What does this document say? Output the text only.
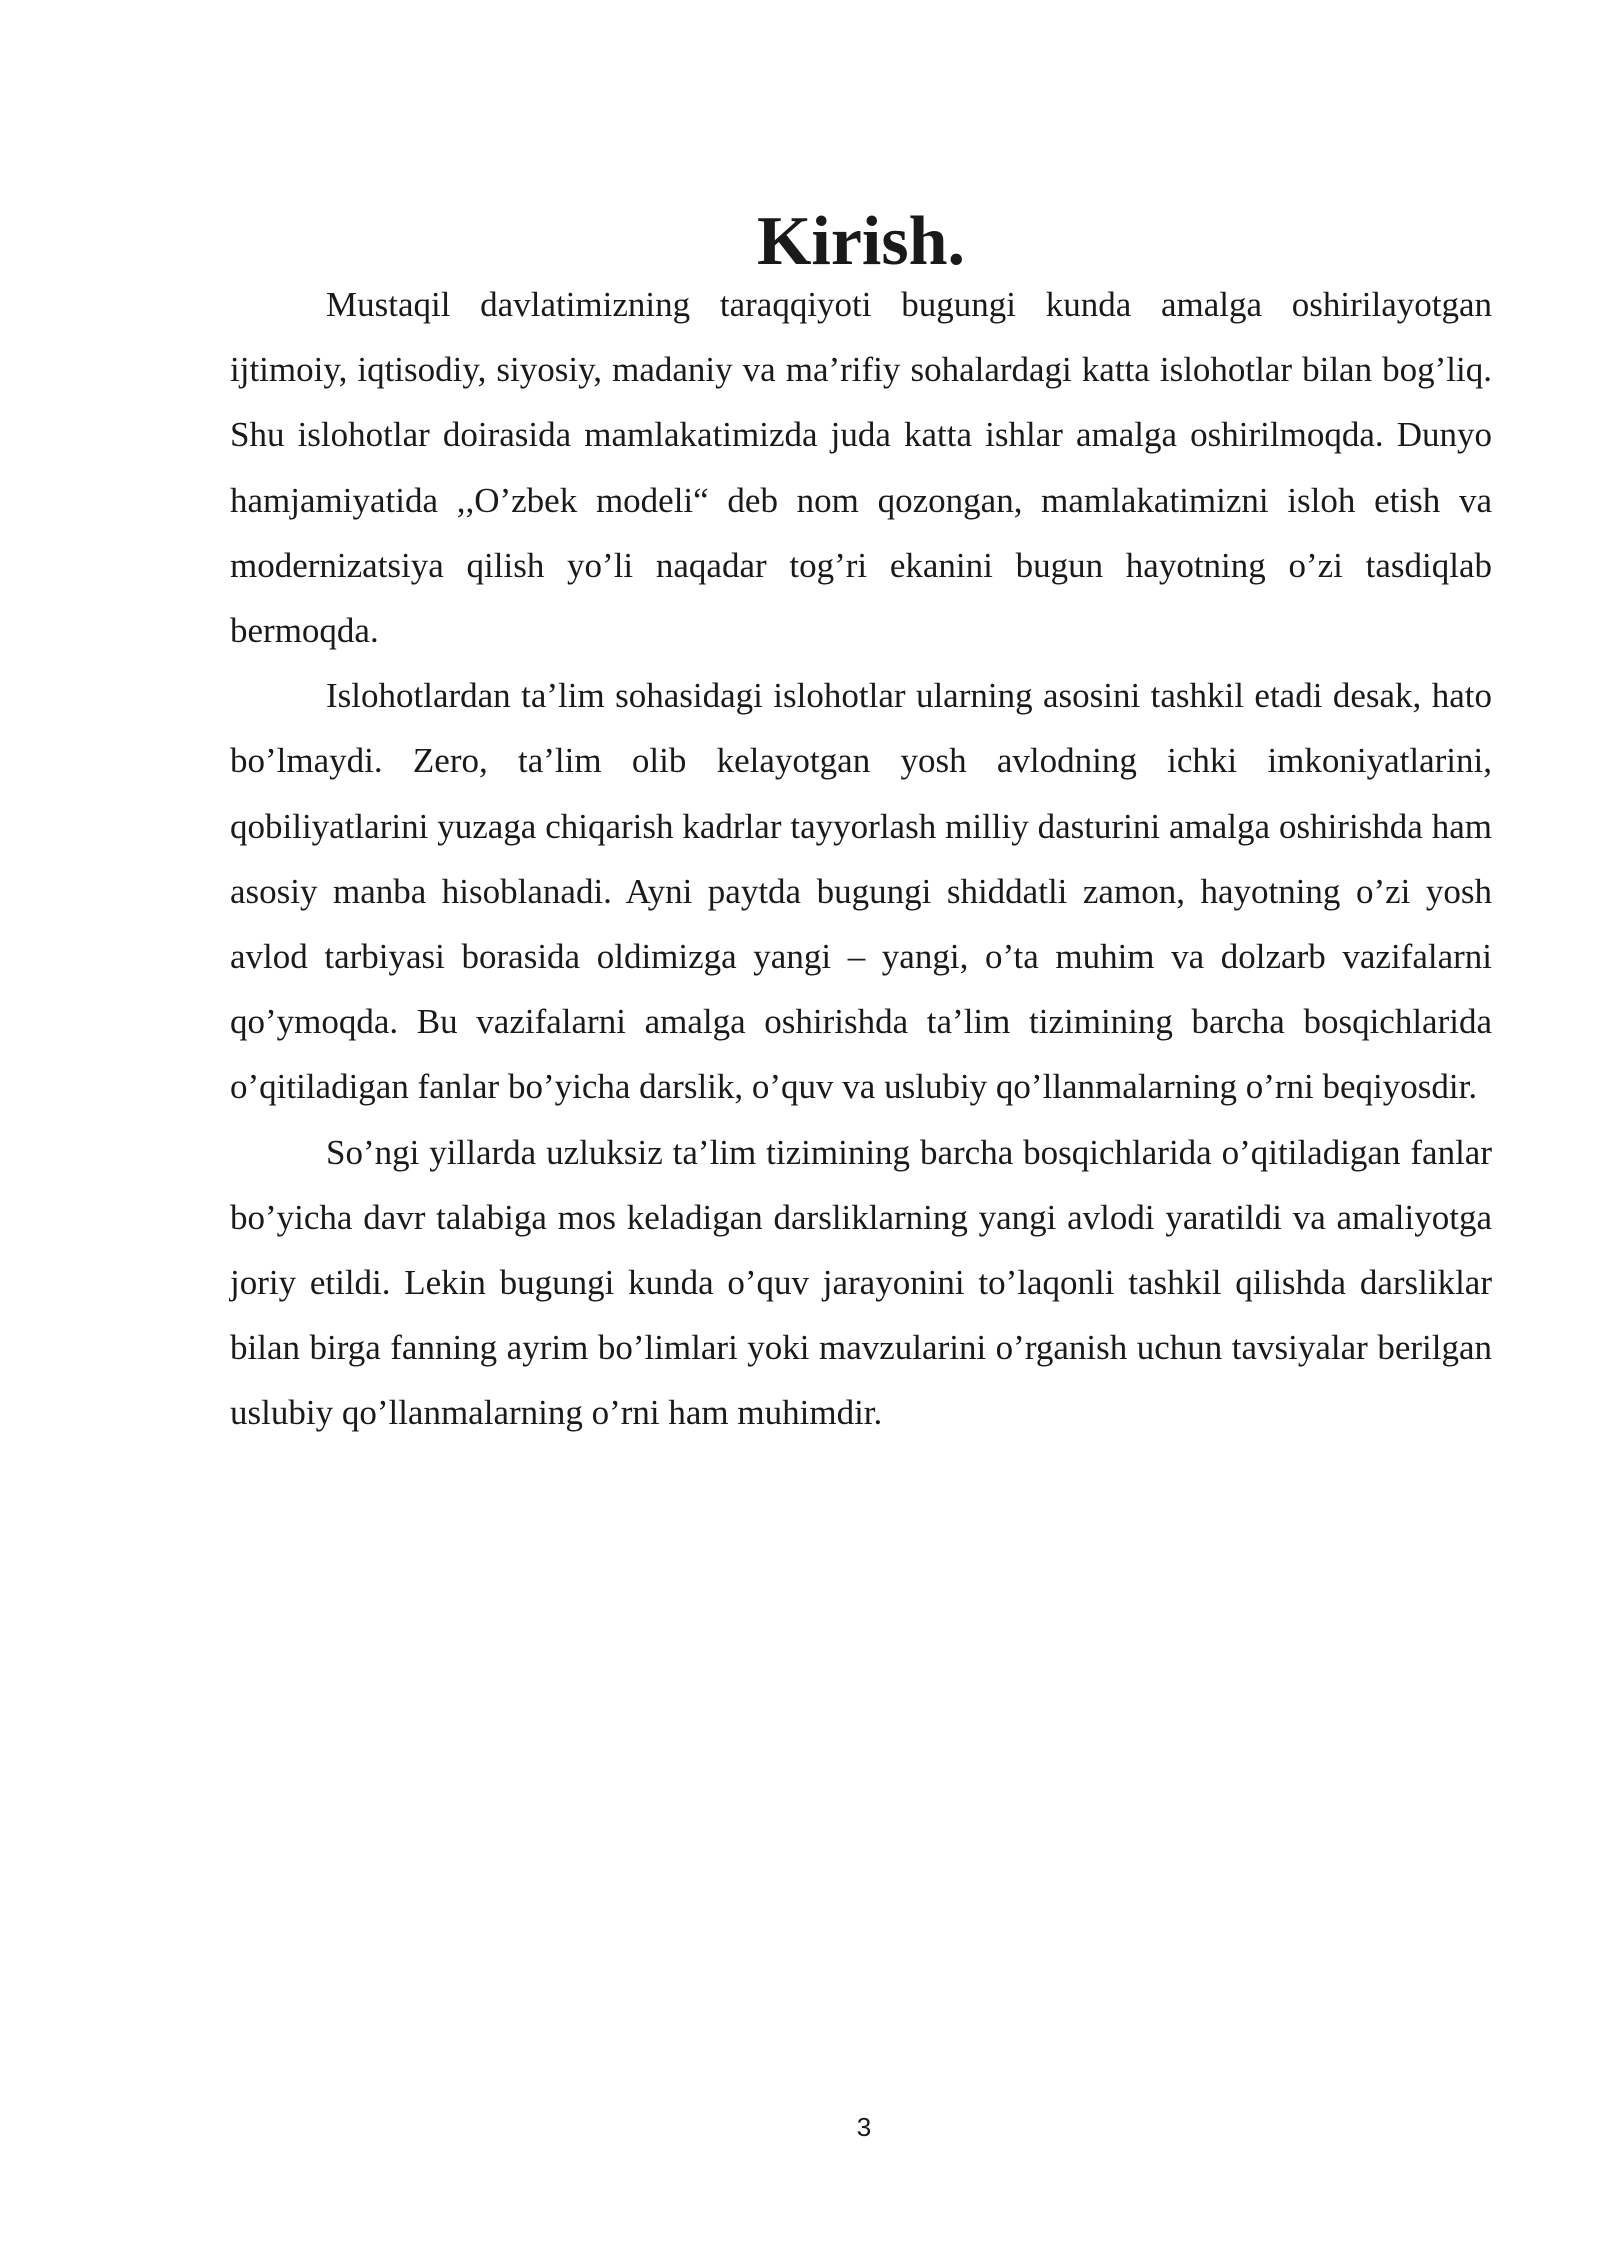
Kirish.

Mustaqil davlatimizning taraqqiyoti bugungi kunda amalga oshirilayotgan ijtimoiy, iqtisodiy, siyosiy, madaniy va ma’rifiy sohalardagi katta islohotlar bilan bog’liq. Shu islohotlar doirasida mamlakatimizda juda katta ishlar amalga oshirilmoqda. Dunyo hamjamiyatida ,,O’zbek modeli“ deb nom qozongan, mamlakatimizni isloh etish va modernizatsiya qilish yo’li naqadar tog’ri ekanini bugun hayotning o’zi tasdiqlab bermoqda.

Islohotlardan ta’lim sohasidagi islohotlar ularning asosini tashkil etadi desak, hato bo’lmaydi. Zero, ta’lim olib kelayotgan yosh avlodning ichki imkoniyatlarini, qobiliyatlarini yuzaga chiqarish kadrlar tayyorlash milliy dasturini amalga oshirishda ham asosiy manba hisoblanadi. Ayni paytda bugungi shiddatli zamon, hayotning o’zi yosh avlod tarbiyasi borasida oldimizga yangi – yangi, o’ta muhim va dolzarb vazifalarni qo’ymoqda. Bu vazifalarni amalga oshirishda ta’lim tizimining barcha bosqichlarida o’qitiladigan fanlar bo’yicha darslik, o’quv va uslubiy qo’llanmalarning o’rni beqiyosdir.

So’ngi yillarda uzluksiz ta’lim tizimining barcha bosqichlarida o’qitiladigan fanlar bo’yicha davr talabiga mos keladigan darsliklarning yangi avlodi yaratildi va amaliyotga joriy etildi. Lekin bugungi kunda o’quv jarayonini to’laqonli tashkil qilishda darsliklar bilan birga fanning ayrim bo’limlari yoki mavzularini o’rganish uchun tavsiyalar berilgan uslubiy qo’llanmalarning o’rni ham muhimdir.

3
